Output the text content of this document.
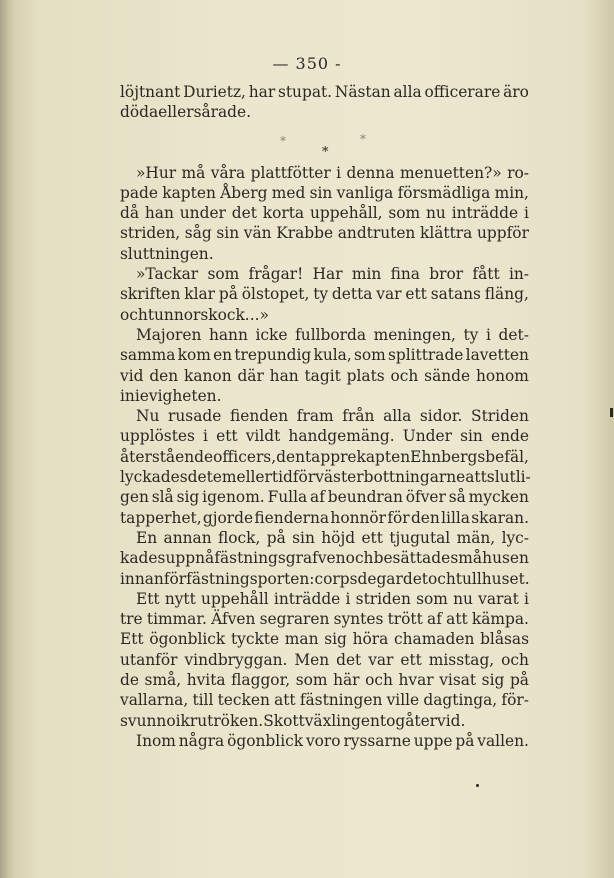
— 350 -
löjtnant Durietz, har stupat. Nästan alla officerare äro
döda eller sårade.
*
*
*
»Hur må våra plattfötter i denna menuetten?» ro-
pade kapten Åberg med sin vanliga försmädliga min,
då han under det korta uppehåll, som nu inträdde i
striden, såg sin vän Krabbe andtruten klättra uppför
sluttningen.
»Tackar som frågar! Har min fina bror fått in-
skriften klar på ölstopet, ty detta var ett satans fläng,
och tunnor skock . . .»
Majoren hann icke fullborda meningen, ty i det-
samma kom en trepundig kula, som splittrade lavetten
vid den kanon där han tagit plats och sände honom
in i evigheten.
Nu rusade fienden fram från alla sidor. Striden
upplöstes i ett vildt handgemäng. Under sin ende
återstående officers, den tappre kapten Ehnbergs befäl,
lyckades det emellertid för västerbottningarne att slutli-
gen slå sig igenom. Fulla af beundran öfver så mycken
tapperhet, gjorde fienderna honnör för den lilla skaran.
En annan flock, på sin höjd ett tjugutal män, lyc-
kades uppnå fästningsgrafven och besätta de små husen
innanför fästningsporten: corps de gardet och tullhuset.
Ett nytt uppehåll inträdde i striden som nu varat i
tre timmar. Äfven segraren syntes trött af att kämpa.
Ett ögonblick tyckte man sig höra chamaden blåsas
utanför vindbryggan. Men det var ett misstag, och
de små, hvita flaggor, som här och hvar visat sig på
vallarna, till tecken att fästningen ville dagtinga, för-
svunno i krutröken. Skottväxlingen tog åter vid.
Inom några ögonblick voro ryssarne uppe på vallen.
